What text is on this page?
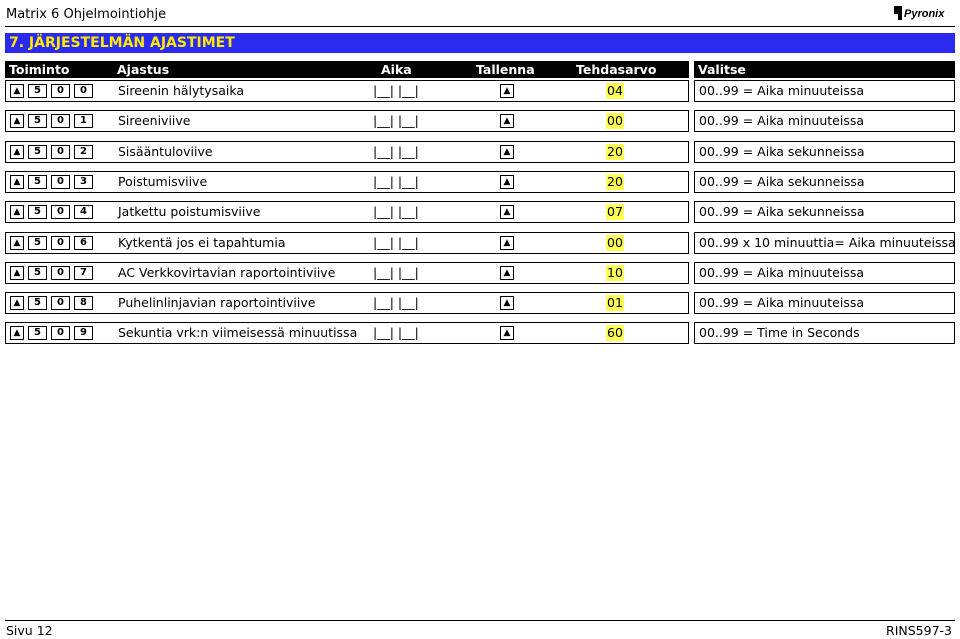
Matrix 6 Ohjelmointiohje	Pyronix
7. JÄRJESTELMÄN AJASTIMET
Toiminto	Ajastus	Aika	Tallenna	Tehdasarvo	Valitse
▲	5	0	0	Sireenin hälytysaika	|__| |__|	▲	04	00..99 = Aika minuuteissa
▲	5	0	1	Sireeniviive	|__| |__|	▲	00	00..99 = Aika minuuteissa
▲	5	0	2	Sisääntuloviive	|__| |__|	▲	20	00..99 = Aika sekunneissa
▲	5	0	3	Poistumisviive	|__| |__|	▲	20	00..99 = Aika sekunneissa
▲	5	0	4	Jatkettu poistumisviive	|__| |__|	▲	07	00..99 = Aika sekunneissa
▲	5	0	6	Kytkentä jos ei tapahtumia	|__| |__|	▲	00	00..99 x 10 minuuttia= Aika minuuteissa
▲	5	0	7	AC Verkkovirtavian raportointiviive	|__| |__|	▲	10	00..99 = Aika minuuteissa
▲	5	0	8	Puhelinlinjavian raportointiviive	|__| |__|	▲	01	00..99 = Aika minuuteissa
▲	5	0	9	Sekuntia vrk:n viimeisessä minuutissa |__| |__|	▲	60	00..99 = Time in Seconds
Sivu 12	RINS597-3
